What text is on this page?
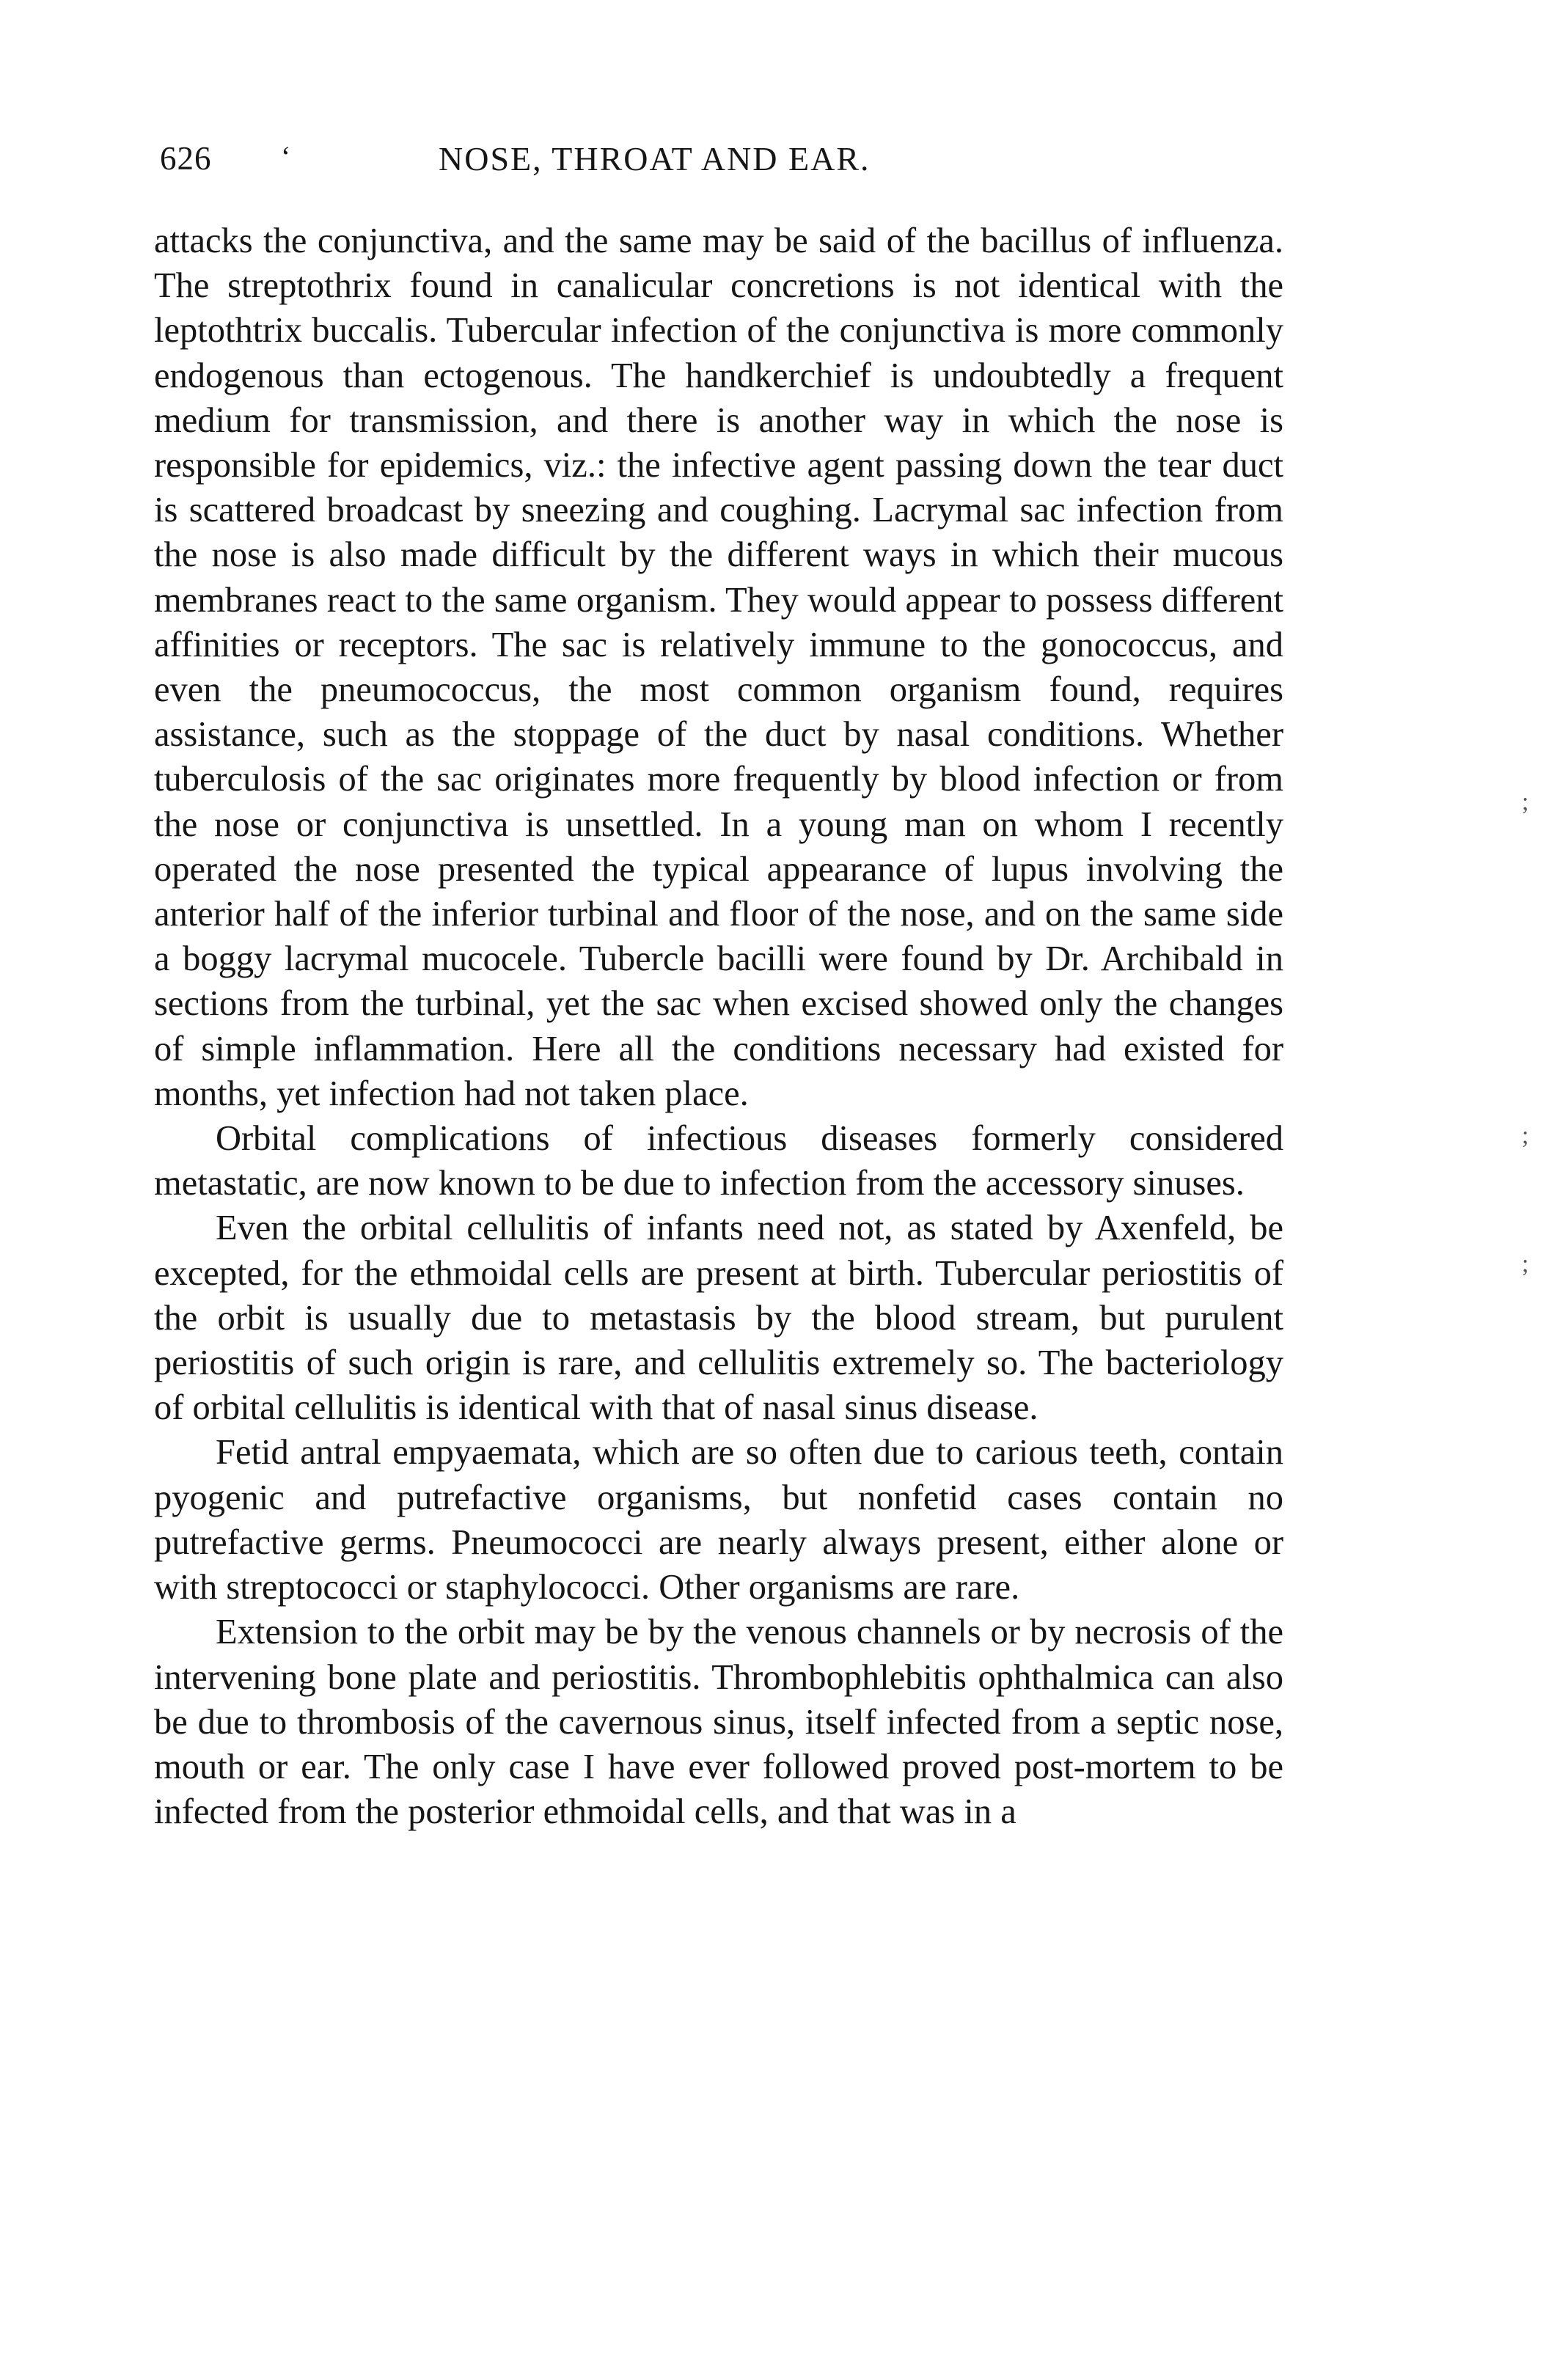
626 ʻ	NOSE, THROAT AND EAR.

attacks the conjunctiva, and the same may be said of the bacillus of influenza. The streptothrix found in canalicular concretions is not identical with the leptothtrix buccalis. Tubercular infection of the conjunctiva is more commonly endogenous than ectogenous. The handkerchief is undoubtedly a frequent medium for transmission, and there is another way in which the nose is responsible for epidemics, viz.: the infective agent passing down the tear duct is scattered broadcast by sneezing and coughing. Lacrymal sac infection from the nose is also made difficult by the different ways in which their mucous membranes react to the same organism. They would appear to possess different affinities or receptors. The sac is relatively immune to the gonococcus, and even the pneumococcus, the most common organism found, requires assistance, such as the stoppage of the duct by nasal conditions. Whether tuberculosis of the sac originates more frequently by blood infection or from the nose or conjunctiva is unsettled. In a young man on whom I recently operated the nose presented the typical appearance of lupus involving the anterior half of the inferior turbinal and floor of the nose, and on the same side a boggy lacrymal mucocele. Tubercle bacilli were found by Dr. Archibald in sections from the turbinal, yet the sac when excised showed only the changes of simple inflammation. Here all the conditions necessary had existed for months, yet infection had not taken place.

Orbital complications of infectious diseases formerly considered metastatic, are now known to be due to infection from the accessory sinuses.

Even the orbital cellulitis of infants need not, as stated by Axenfeld, be excepted, for the ethmoidal cells are present at birth. Tubercular periostitis of the orbit is usually due to metastasis by the blood stream, but purulent periostitis of such origin is rare, and cellulitis extremely so. The bacteriology of orbital cellulitis is identical with that of nasal sinus disease.

Fetid antral empyaemata, which are so often due to carious teeth, contain pyogenic and putrefactive organisms, but nonfetid cases contain no putrefactive germs. Pneumococci are nearly always present, either alone or with streptococci or staphylococci. Other organisms are rare.

Extension to the orbit may be by the venous channels or by necrosis of the intervening bone plate and periostitis. Thrombophlebitis ophthalmica can also be due to thrombosis of the cavernous sinus, itself infected from a septic nose, mouth or ear. The only case I have ever followed proved post-mortem to be infected from the posterior ethmoidal cells, and that was in a

;
;
;
